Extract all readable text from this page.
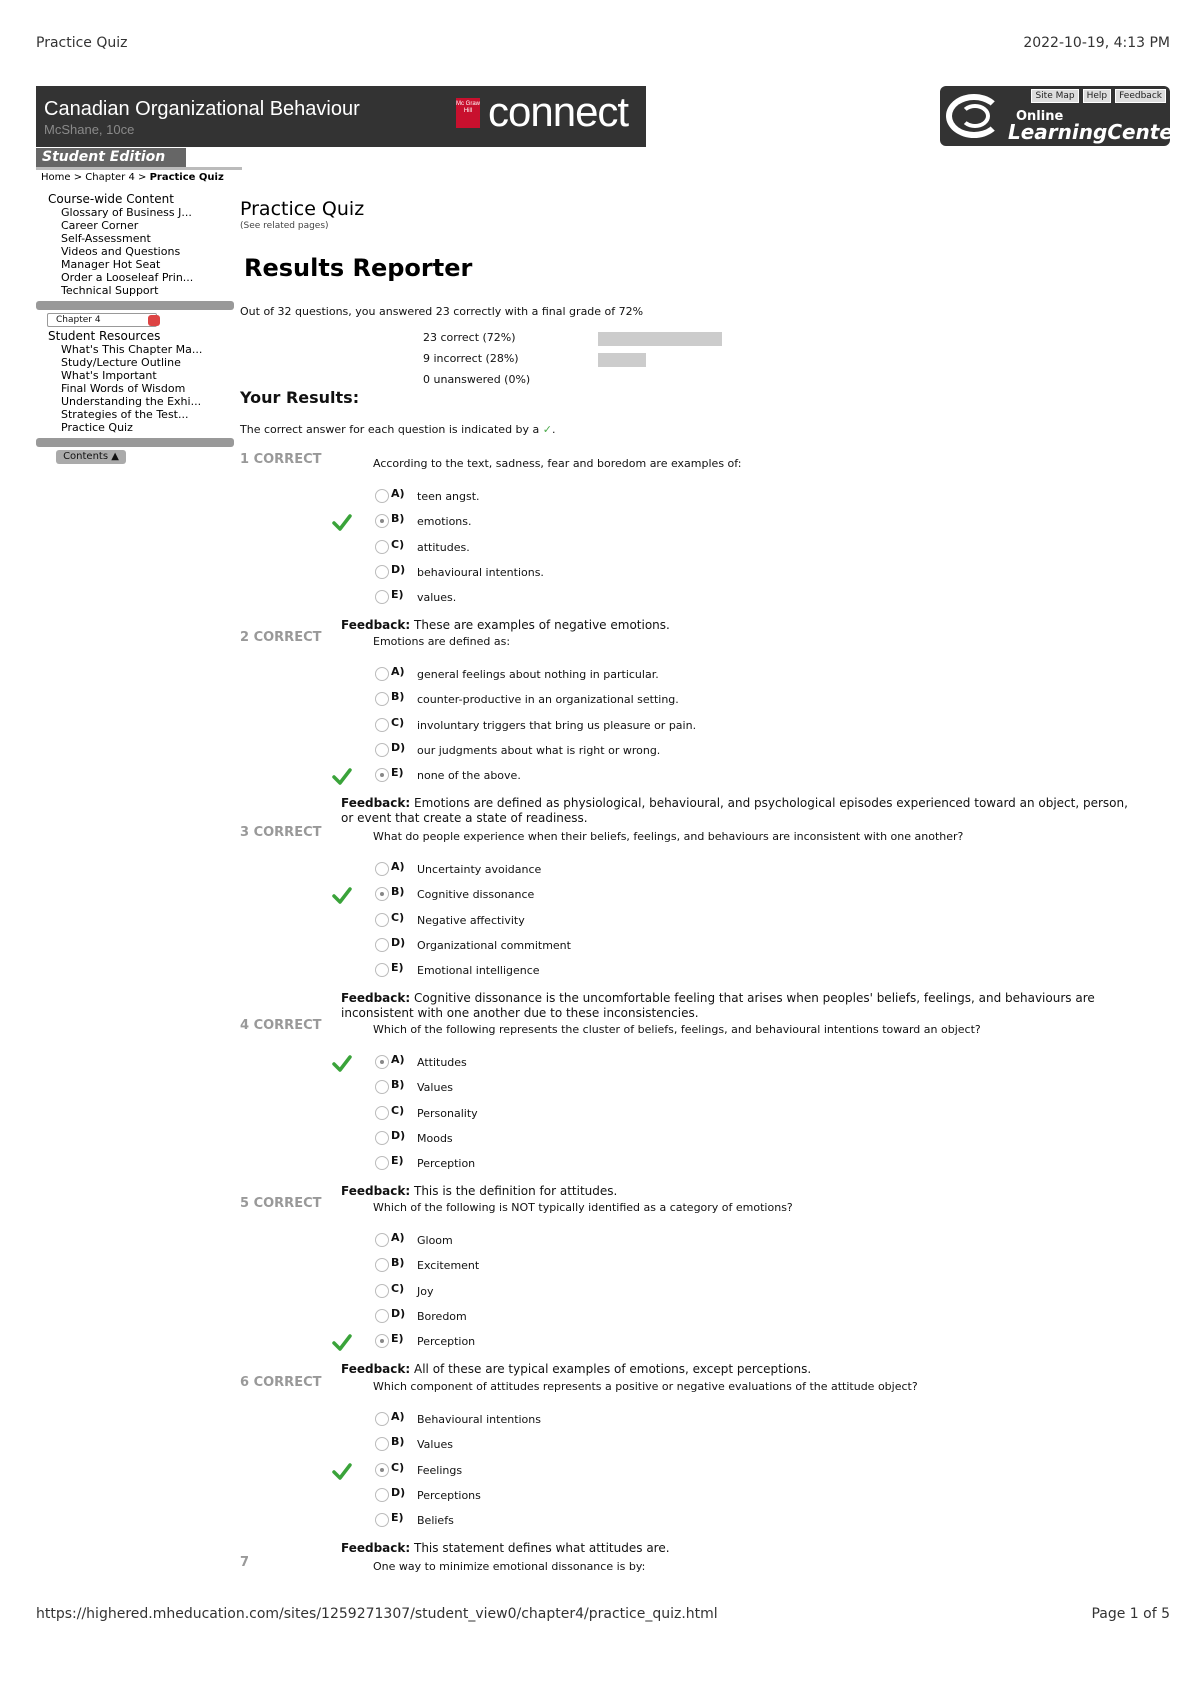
Practice Quiz	2022-10-19, 4:13 PM
Canadian Organizational Behaviour
McShane, 10ce
Mc Graw Hill connect
Student Edition
Home > Chapter 4 > Practice Quiz
Site Map	Help	Feedback
Online
LearningCenter
Course-wide Content
Glossary of Business J...
Career Corner
Self-Assessment
Videos and Questions
Manager Hot Seat
Order a Looseleaf Prin...
Technical Support
Chapter 4
Student Resources
What's This Chapter Ma...
Study/Lecture Outline
What's Important
Final Words of Wisdom
Understanding the Exhi...
Strategies of the Test...
Practice Quiz
Contents ▲
Practice Quiz
(See related pages)
Results Reporter
Out of 32 questions, you answered 23 correctly with a final grade of 72%
23 correct (72%)
9 incorrect (28%)
0 unanswered (0%)
Your Results:
The correct answer for each question is indicated by a ✓.
1 CORRECT	According to the text, sadness, fear and boredom are examples of:
A) teen angst.
B) emotions.
C) attitudes.
D) behavioural intentions.
E) values.
Feedback: These are examples of negative emotions.
2 CORRECT	Emotions are defined as:
A) general feelings about nothing in particular.
B) counter-productive in an organizational setting.
C) involuntary triggers that bring us pleasure or pain.
D) our judgments about what is right or wrong.
E) none of the above.
Feedback: Emotions are defined as physiological, behavioural, and psychological episodes experienced toward an object, person, or event that create a state of readiness.
3 CORRECT	What do people experience when their beliefs, feelings, and behaviours are inconsistent with one another?
A) Uncertainty avoidance
B) Cognitive dissonance
C) Negative affectivity
D) Organizational commitment
E) Emotional intelligence
Feedback: Cognitive dissonance is the uncomfortable feeling that arises when peoples' beliefs, feelings, and behaviours are inconsistent with one another due to these inconsistencies.
4 CORRECT	Which of the following represents the cluster of beliefs, feelings, and behavioural intentions toward an object?
A) Attitudes
B) Values
C) Personality
D) Moods
E) Perception
Feedback: This is the definition for attitudes.
5 CORRECT	Which of the following is NOT typically identified as a category of emotions?
A) Gloom
B) Excitement
C) Joy
D) Boredom
E) Perception
Feedback: All of these are typical examples of emotions, except perceptions.
6 CORRECT	Which component of attitudes represents a positive or negative evaluations of the attitude object?
A) Behavioural intentions
B) Values
C) Feelings
D) Perceptions
E) Beliefs
Feedback: This statement defines what attitudes are.
7	One way to minimize emotional dissonance is by:
https://highered.mheducation.com/sites/1259271307/student_view0/chapter4/practice_quiz.html	Page 1 of 5
